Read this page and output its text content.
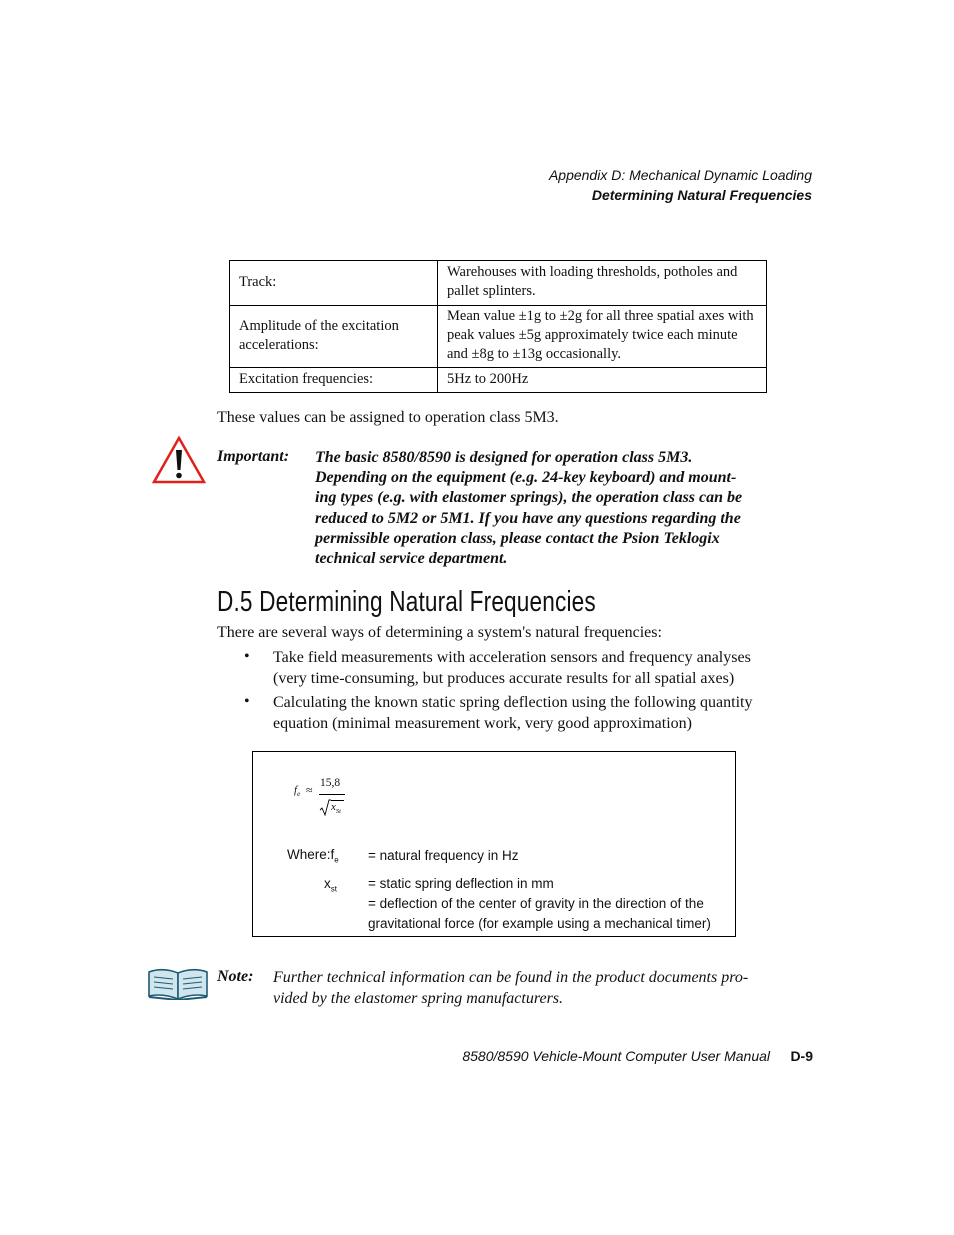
Appendix D: Mechanical Dynamic Loading
Determining Natural Frequencies
Track:	Warehouses with loading thresholds, potholes and pallet splinters.
Amplitude of the excitation accelerations:	Mean value ±1g to ±2g for all three spatial axes with peak values ±5g approximately twice each minute and ±8g to ±13g occasionally.
Excitation frequencies:	5Hz to 200Hz
These values can be assigned to operation class 5M3.
Important: The basic 8580/8590 is designed for operation class 5M3.
Depending on the equipment (e.g. 24-key keyboard) and mount-
ing types (e.g. with elastomer springs), the operation class can be
reduced to 5M2 or 5M1. If you have any questions regarding the
permissible operation class, please contact the Psion Teklogix
technical service department.
D.5 Determining Natural Frequencies
There are several ways of determining a system's natural frequencies:
• Take field measurements with acceleration sensors and frequency analyses
(very time-consuming, but produces accurate results for all spatial axes)
• Calculating the known static spring deflection using the following quantity
equation (minimal measurement work, very good approximation)
$f_e \approx 15,8$
$x_{St}$
$Where:f_e$ = natural frequency in Hz
$x_{st}$ = static spring deflection in mm
= deflection of the center of gravity in the direction of the
gravitational force (for example using a mechanical timer)
Note: Further technical information can be found in the product documents pro-
vided by the elastomer spring manufacturers.
8580/8590 Vehicle-Mount Computer User Manual D-9
